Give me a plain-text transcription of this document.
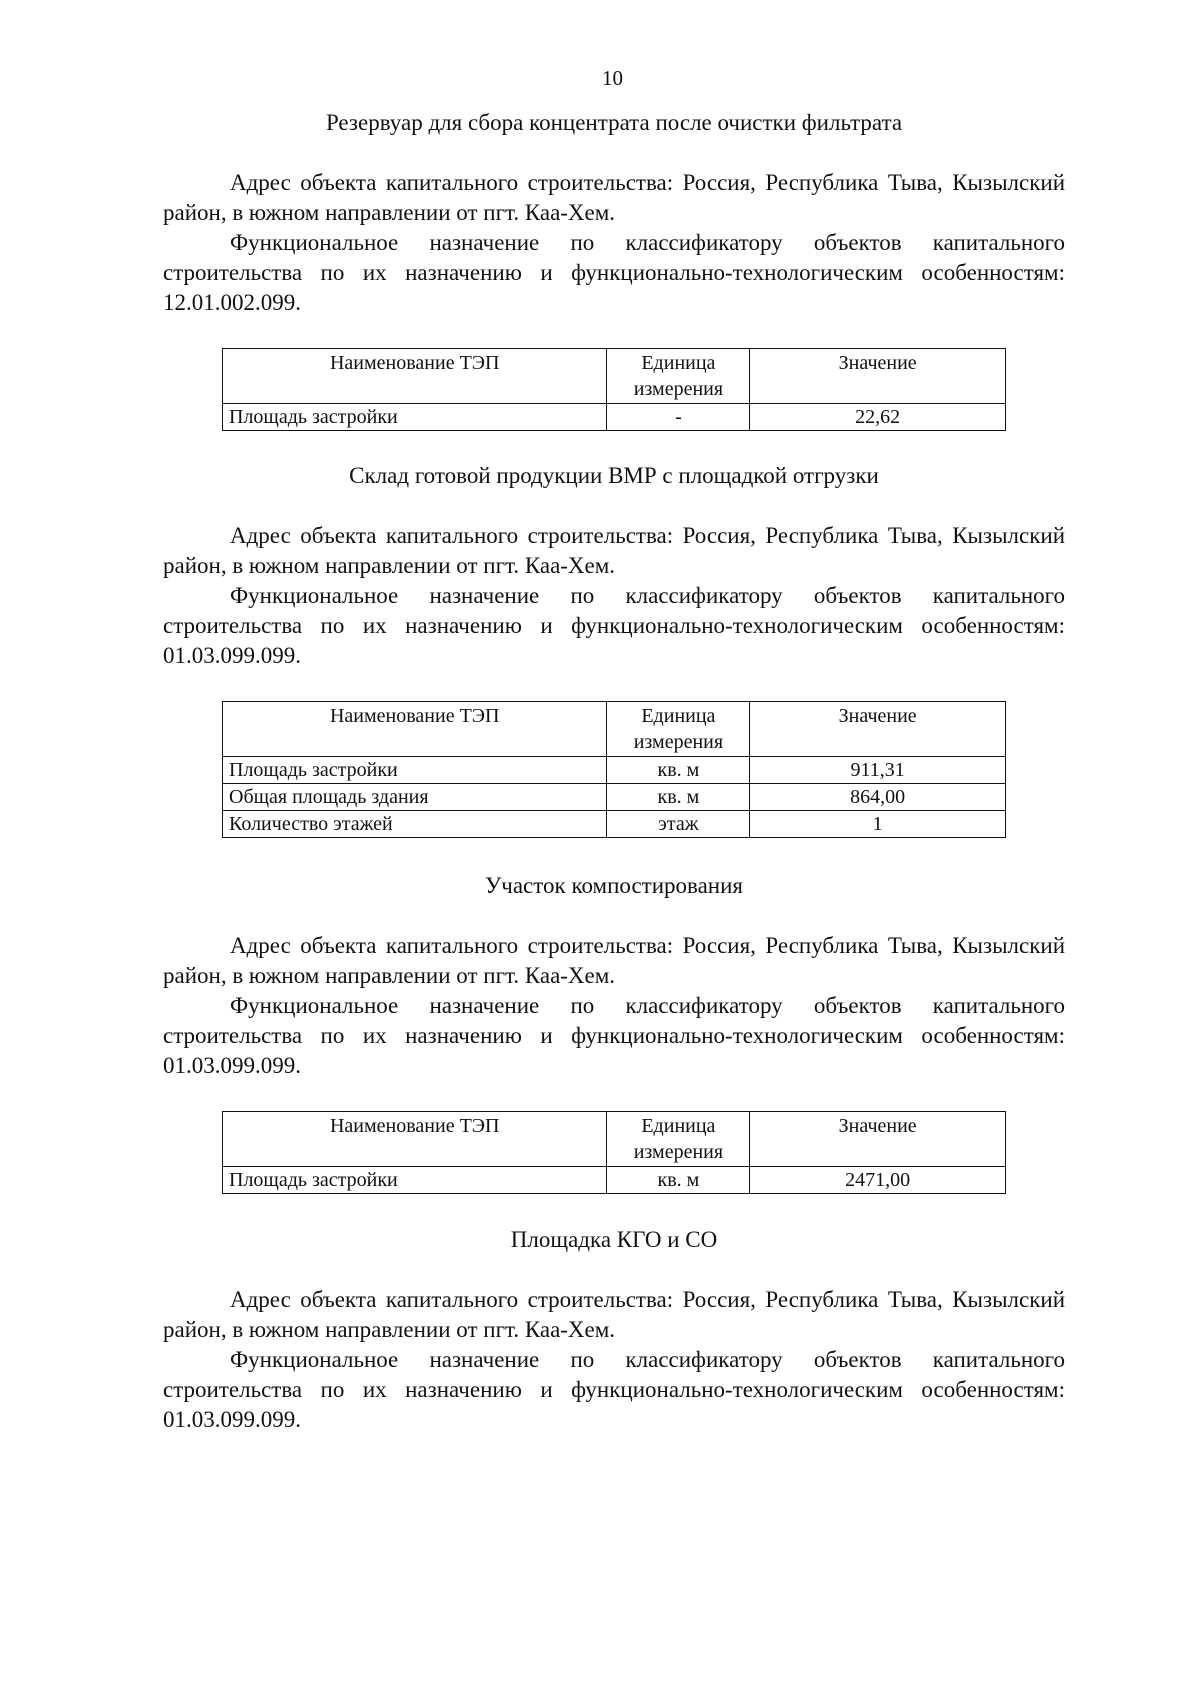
10
Резервуар для сбора концентрата после очистки фильтрата

Адрес объекта капитального строительства: Россия, Республика Тыва, Кызылский район, в южном направлении от пгт. Каа-Хем.

Функциональное назначение по классификатору объектов капитального строительства по их назначению и функционально-технологическим особенностям: 12.01.002.099.

Наименование ТЭП	Единица измерения	Значение
Площадь застройки	-	22,62
Склад готовой продукции ВМР с площадкой отгрузки

Адрес объекта капитального строительства: Россия, Республика Тыва, Кызылский район, в южном направлении от пгт. Каа-Хем.

Функциональное назначение по классификатору объектов капитального строительства по их назначению и функционально-технологическим особенностям: 01.03.099.099.

Наименование ТЭП	Единица измерения	Значение
Площадь застройки	кв. м	911,31
Общая площадь здания	кв. м	864,00
Количество этажей	этаж	1
Участок компостирования

Адрес объекта капитального строительства: Россия, Республика Тыва, Кызылский район, в южном направлении от пгт. Каа-Хем.

Функциональное назначение по классификатору объектов капитального строительства по их назначению и функционально-технологическим особенностям: 01.03.099.099.

Наименование ТЭП	Единица измерения	Значение
Площадь застройки	кв. м	2471,00
Площадка КГО и СО

Адрес объекта капитального строительства: Россия, Республика Тыва, Кызылский район, в южном направлении от пгт. Каа-Хем.

Функциональное назначение по классификатору объектов капитального строительства по их назначению и функционально-технологическим особенностям: 01.03.099.099.
